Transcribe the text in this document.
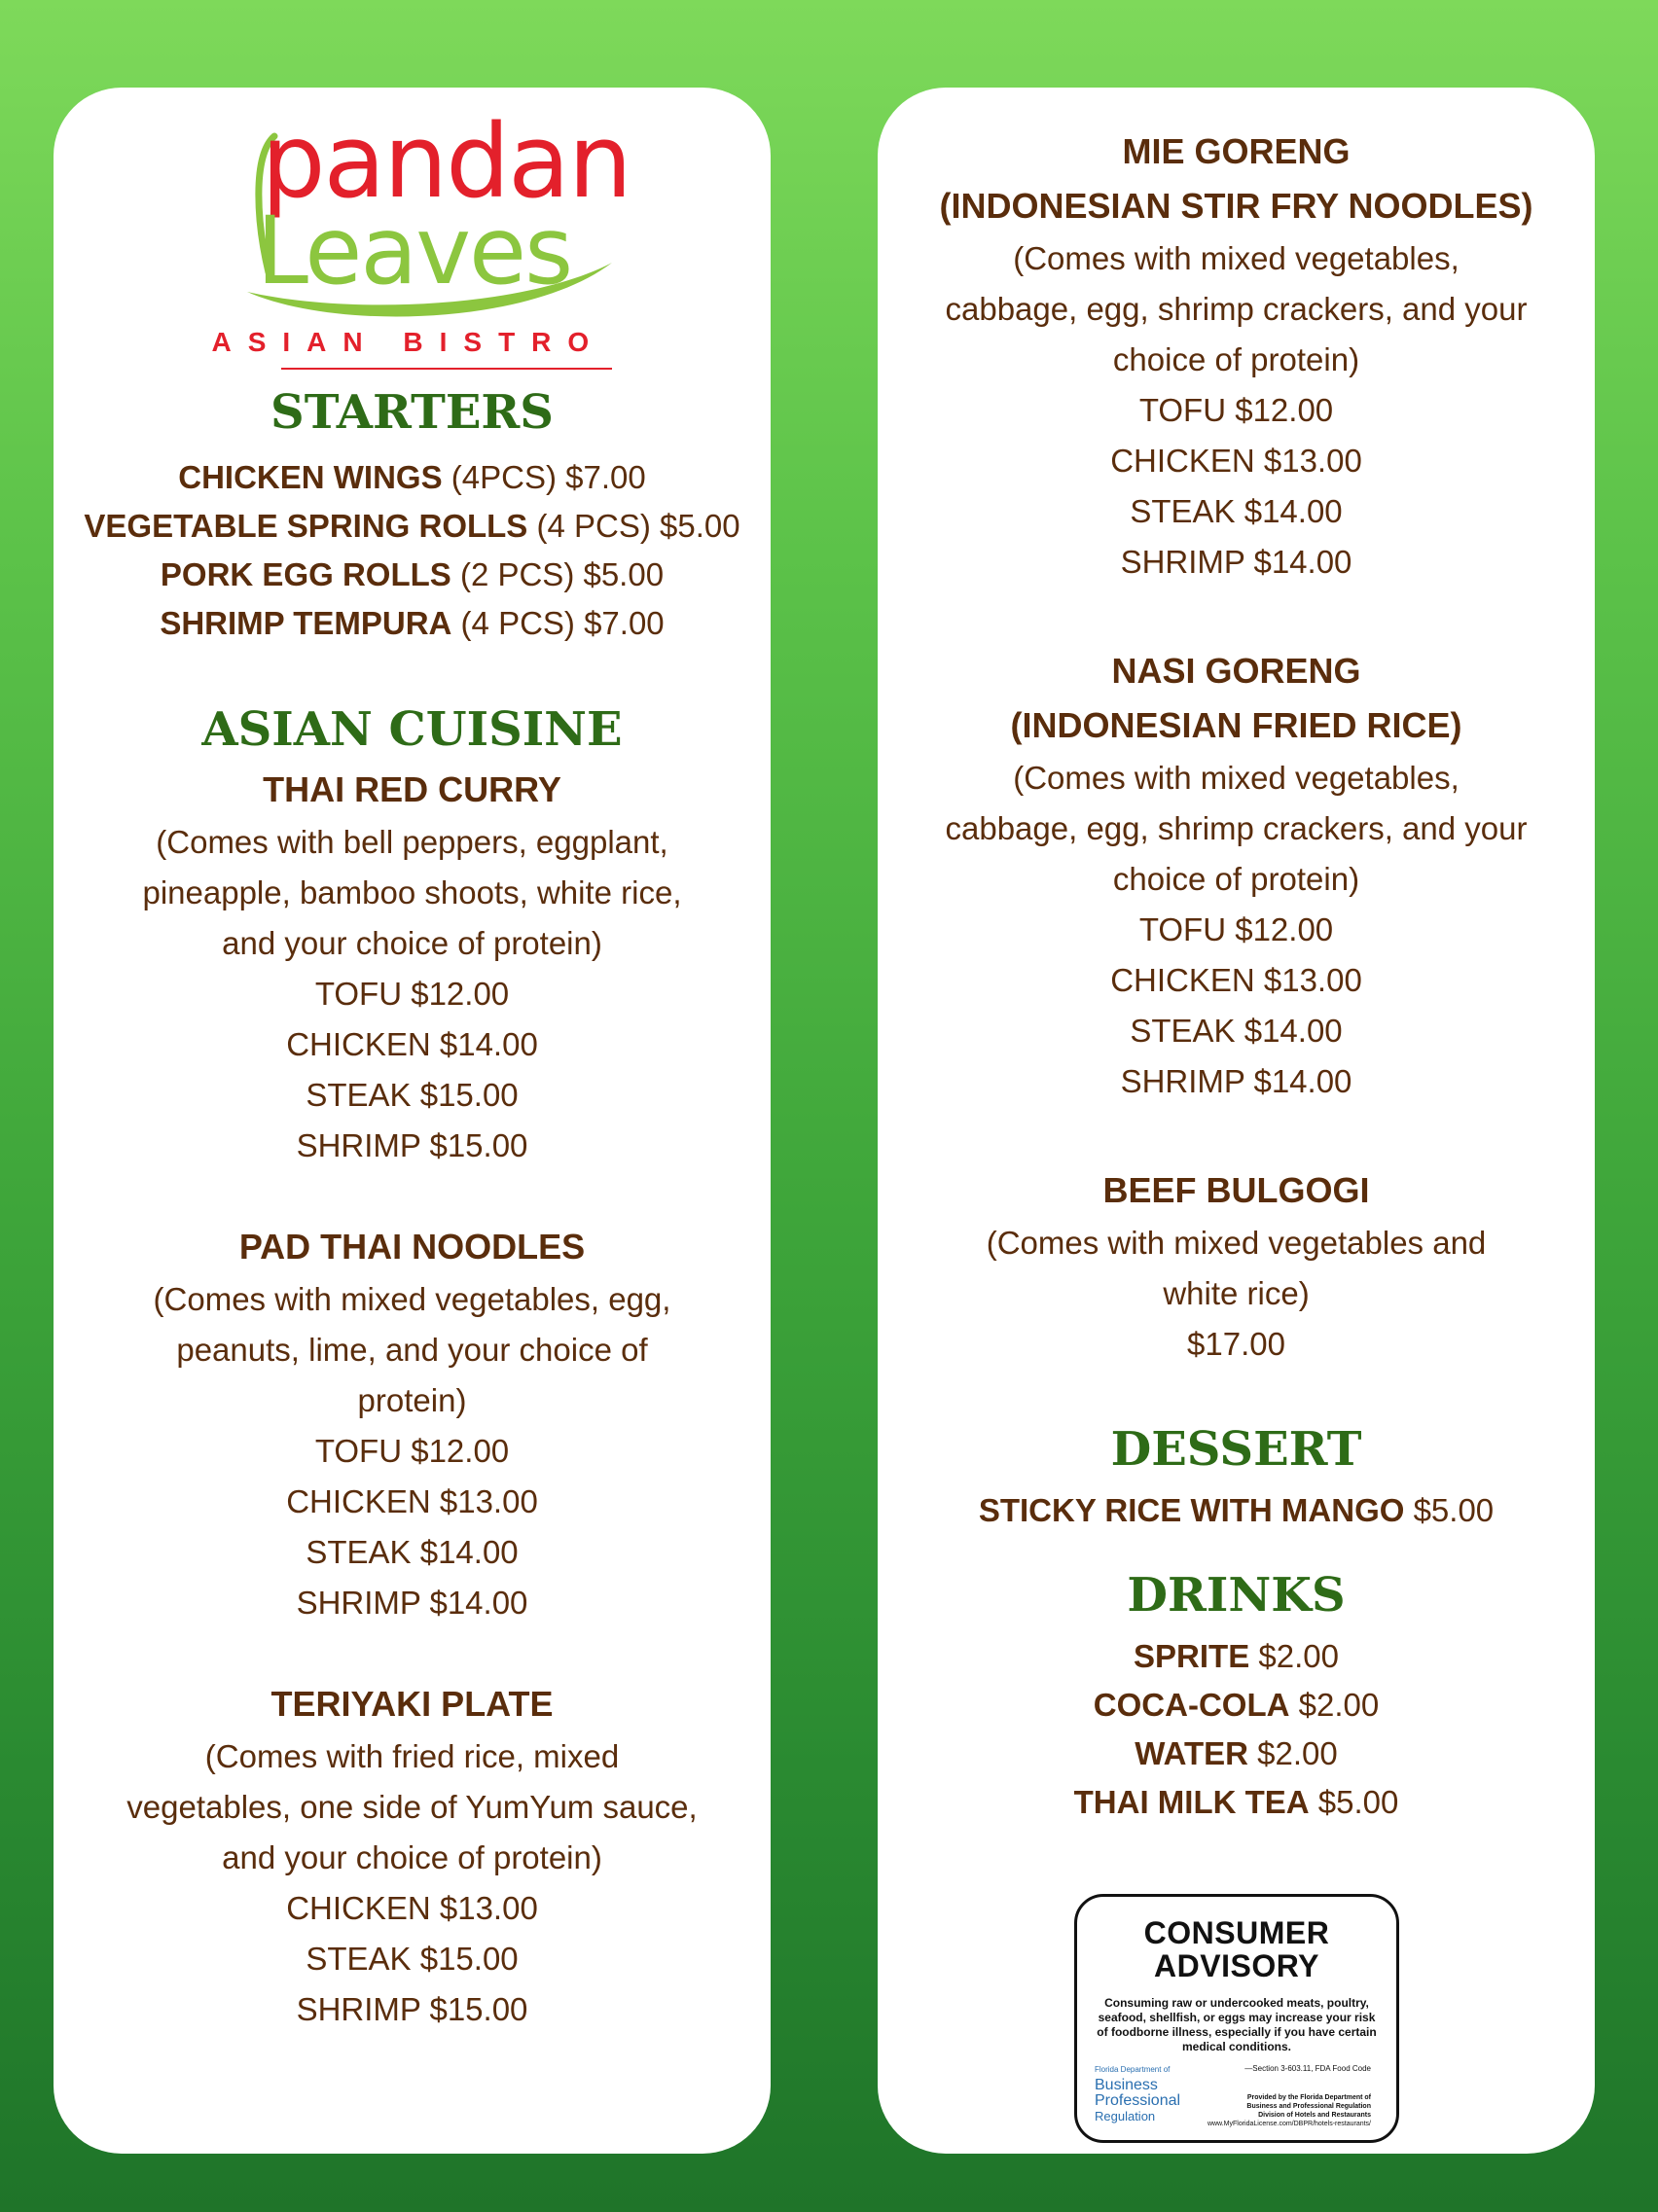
pandan
Leaves
ASIAN BISTRO
STARTERS

CHICKEN WINGS (4PCS) $7.00

VEGETABLE SPRING ROLLS (4 PCS) $5.00

PORK EGG ROLLS (2 PCS) $5.00

SHRIMP TEMPURA (4 PCS) $7.00

ASIAN CUISINE

THAI RED CURRY

(Comes with bell peppers, eggplant,

pineapple, bamboo shoots, white rice,

and your choice of protein)

TOFU $12.00

CHICKEN $14.00

STEAK $15.00

SHRIMP $15.00

PAD THAI NOODLES

(Comes with mixed vegetables, egg,

peanuts, lime, and your choice of

protein)

TOFU $12.00

CHICKEN $13.00

STEAK $14.00

SHRIMP $14.00

TERIYAKI PLATE

(Comes with fried rice, mixed

vegetables, one side of YumYum sauce,

and your choice of protein)

CHICKEN $13.00

STEAK $15.00

SHRIMP $15.00

MIE GORENG

(INDONESIAN STIR FRY NOODLES)

(Comes with mixed vegetables,

cabbage, egg, shrimp crackers, and your

choice of protein)

TOFU $12.00

CHICKEN $13.00

STEAK $14.00

SHRIMP $14.00

NASI GORENG

(INDONESIAN FRIED RICE)

(Comes with mixed vegetables,

cabbage, egg, shrimp crackers, and your

choice of protein)

TOFU $12.00

CHICKEN $13.00

STEAK $14.00

SHRIMP $14.00

BEEF BULGOGI

(Comes with mixed vegetables and

white rice)

$17.00

DESSERT

STICKY RICE WITH MANGO $5.00

DRINKS

SPRITE $2.00

COCA-COLA $2.00

WATER $2.00

THAI MILK TEA $5.00

CONSUMER
ADVISORY
Consuming raw or undercooked meats, poultry, seafood, shellfish, or eggs may increase your risk of foodborne illness, especially if you have certain medical conditions.
—Section 3-603.11, FDA Food Code
Florida Department of
Business
Professional
Regulation
Provided by the Florida Department of
Business and Professional Regulation
Division of Hotels and Restaurants
www.MyFloridaLicense.com/DBPR/hotels-restaurants/
